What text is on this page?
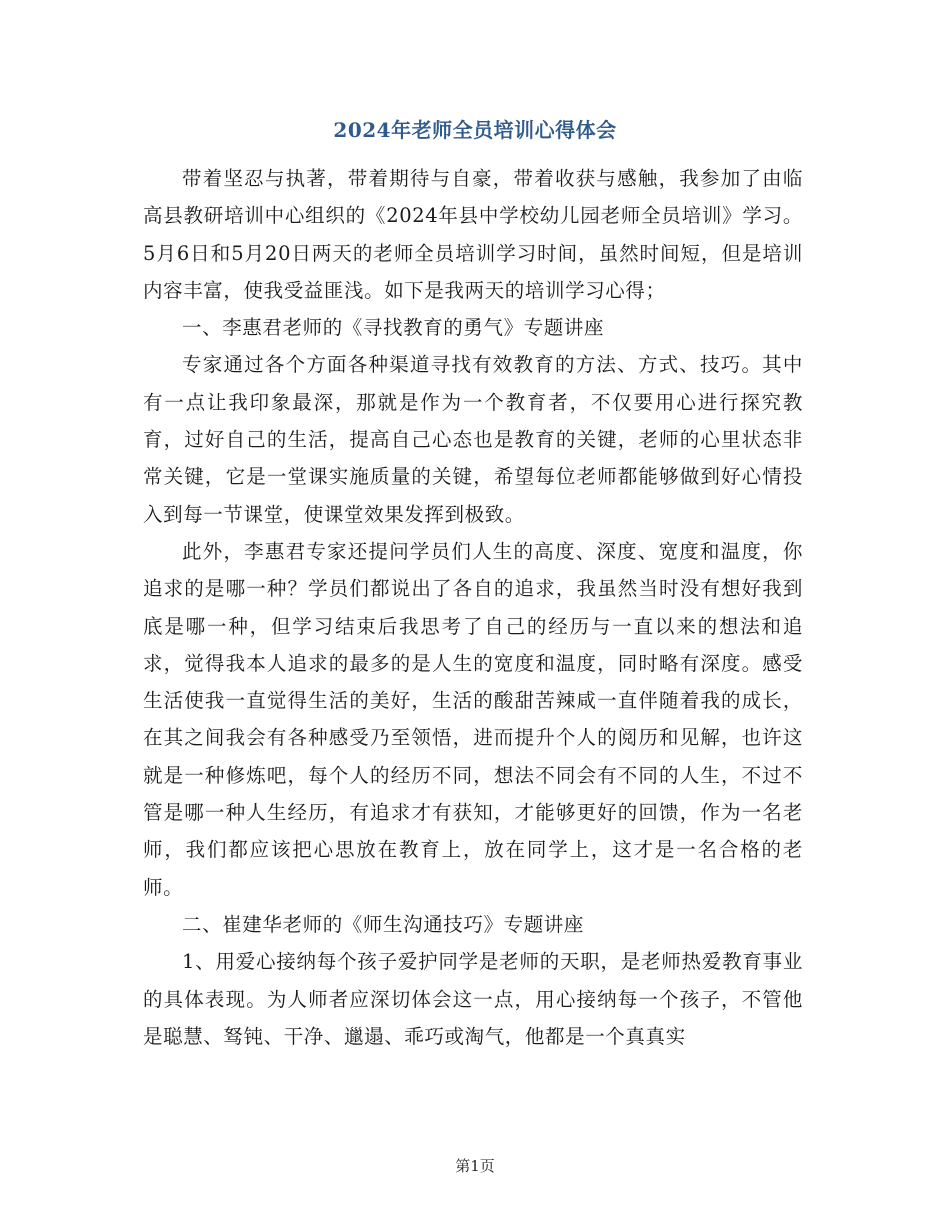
2024年老师全员培训心得体会

带着坚忍与执著，带着期待与自豪，带着收获与感触，我参加了由临高县教研培训中心组织的《2024年县中学校幼儿园老师全员培训》学习。5月6日和5月20日两天的老师全员培训学习时间，虽然时间短，但是培训内容丰富，使我受益匪浅。如下是我两天的培训学习心得；

一、李惠君老师的《寻找教育的勇气》专题讲座

专家通过各个方面各种渠道寻找有效教育的方法、方式、技巧。其中有一点让我印象最深，那就是作为一个教育者，不仅要用心进行探究教育，过好自己的生活，提高自己心态也是教育的关键，老师的心里状态非常关键，它是一堂课实施质量的关键，希望每位老师都能够做到好心情投入到每一节课堂，使课堂效果发挥到极致。

此外，李惠君专家还提问学员们人生的高度、深度、宽度和温度，你追求的是哪一种？学员们都说出了各自的追求，我虽然当时没有想好我到底是哪一种，但学习结束后我思考了自己的经历与一直以来的想法和追求，觉得我本人追求的最多的是人生的宽度和温度，同时略有深度。感受生活使我一直觉得生活的美好，生活的酸甜苦辣咸一直伴随着我的成长，在其之间我会有各种感受乃至领悟，进而提升个人的阅历和见解，也许这就是一种修炼吧，每个人的经历不同，想法不同会有不同的人生，不过不管是哪一种人生经历，有追求才有获知，才能够更好的回馈，作为一名老师，我们都应该把心思放在教育上，放在同学上，这才是一名合格的老师。

二、崔建华老师的《师生沟通技巧》专题讲座

1、用爱心接纳每个孩子爱护同学是老师的天职，是老师热爱教育事业的具体表现。为人师者应深切体会这一点，用心接纳每一个孩子，不管他是聪慧、驽钝、干净、邋遢、乖巧或淘气，他都是一个真真实

第1页
